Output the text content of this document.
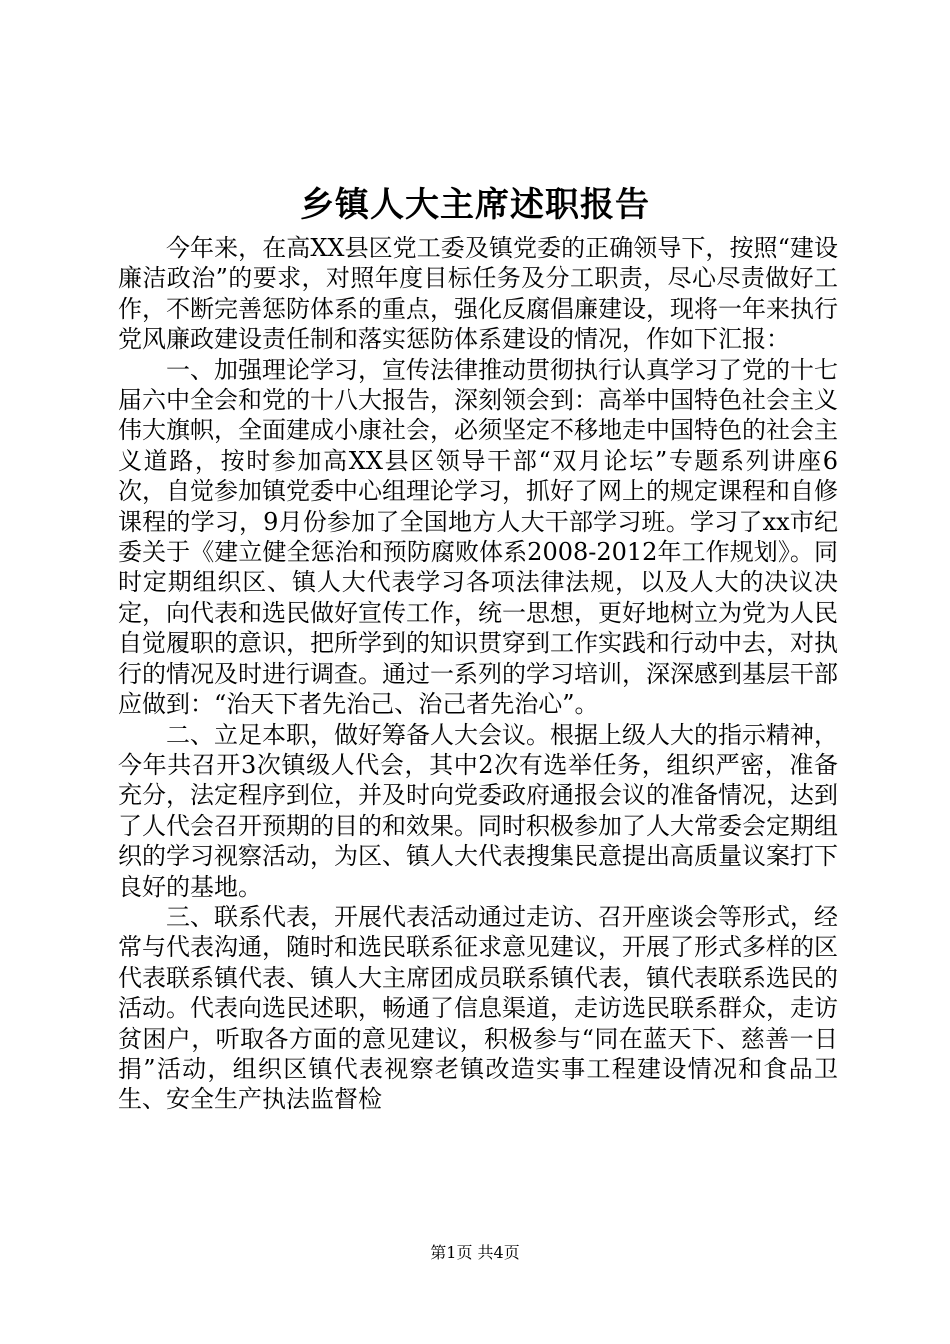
乡镇人大主席述职报告

今年来，在高XX县区党工委及镇党委的正确领导下，按照“建设廉洁政治”的要求，对照年度目标任务及分工职责，尽心尽责做好工作，不断完善惩防体系的重点，强化反腐倡廉建设，现将一年来执行党风廉政建设责任制和落实惩防体系建设的情况，作如下汇报：

一、加强理论学习，宣传法律推动贯彻执行认真学习了党的十七届六中全会和党的十八大报告，深刻领会到：高举中国特色社会主义伟大旗帜，全面建成小康社会，必须坚定不移地走中国特色的社会主义道路，按时参加高XX县区领导干部“双月论坛”专题系列讲座6次，自觉参加镇党委中心组理论学习，抓好了网上的规定课程和自修课程的学习，9月份参加了全国地方人大干部学习班。学习了xx市纪委关于《建立健全惩治和预防腐败体系2008-2012年工作规划》。同时定期组织区、镇人大代表学习各项法律法规，以及人大的决议决定，向代表和选民做好宣传工作，统一思想，更好地树立为党为人民自觉履职的意识，把所学到的知识贯穿到工作实践和行动中去，对执行的情况及时进行调查。通过一系列的学习培训，深深感到基层干部应做到：“治天下者先治己、治己者先治心”。

二、立足本职，做好筹备人大会议。根据上级人大的指示精神，今年共召开3次镇级人代会，其中2次有选举任务，组织严密，准备充分，法定程序到位，并及时向党委政府通报会议的准备情况，达到了人代会召开预期的目的和效果。同时积极参加了人大常委会定期组织的学习视察活动，为区、镇人大代表搜集民意提出高质量议案打下良好的基地。

三、联系代表，开展代表活动通过走访、召开座谈会等形式，经常与代表沟通，随时和选民联系征求意见建议，开展了形式多样的区代表联系镇代表、镇人大主席团成员联系镇代表，镇代表联系选民的活动。代表向选民述职，畅通了信息渠道，走访选民联系群众，走访贫困户，听取各方面的意见建议，积极参与“同在蓝天下、慈善一日捐”活动，组织区镇代表视察老镇改造实事工程建设情况和食品卫生、安全生产执法监督检

第1页 共4页
